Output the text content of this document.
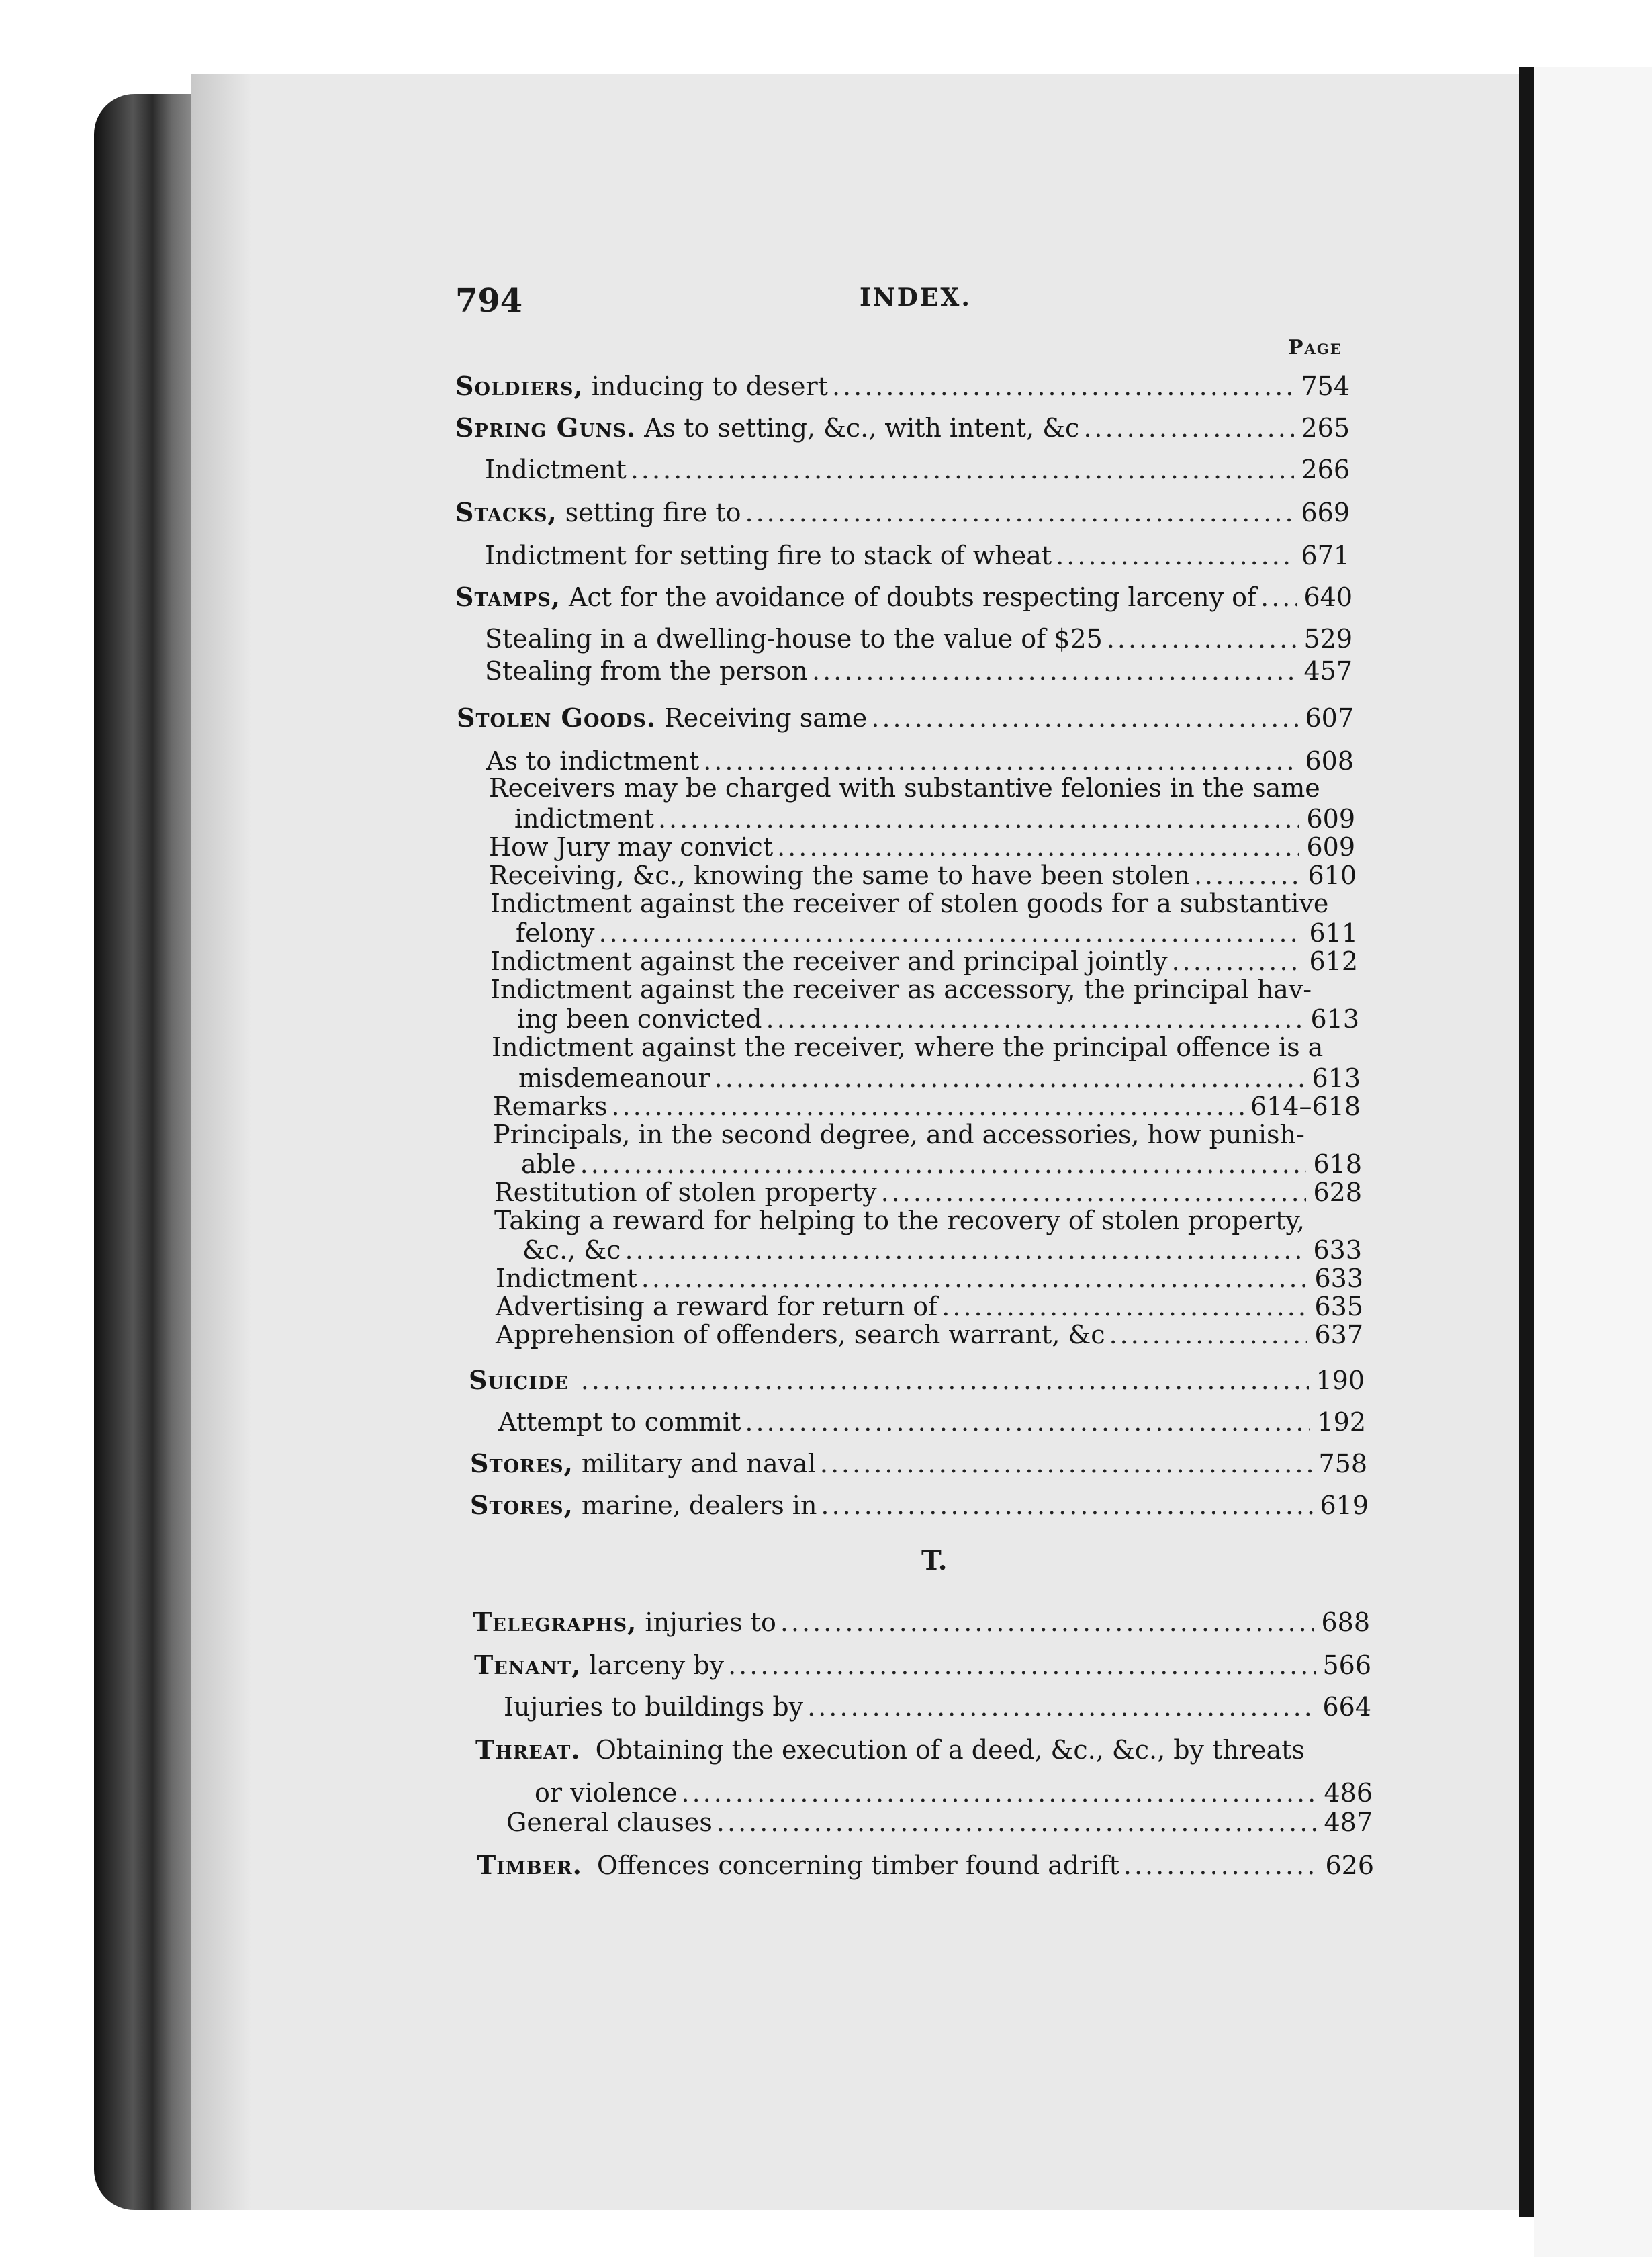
794	INDEX.
Page
Soldiers, inducing to desert .....	754
Spring Guns. As to setting, &c., with intent, &c .....	265
Indictment .....	266
Stacks, setting fire to .....	669
Indictment for setting fire to stack of wheat .....	671
Stamps, Act for the avoidance of doubts respecting larceny of ..... 640
Stealing in a dwelling-house to the value of $25 .....	529
Stealing from the person .....	457
Stolen Goods. Receiving same .....	607
As to indictment .....	608
Receivers may be charged with substantive felonies in the same
indictment .....	609
How Jury may convict .....	609
Receiving, &c., knowing the same to have been stolen .....	610
Indictment against the receiver of stolen goods for a substantive
felony .....	611
Indictment against the receiver and principal jointly .....	612
Indictment against the receiver as accessory, the principal hav-
ing been convicted .....	613
Indictment against the receiver, where the principal offence is a
misdemeanour .....	613
Remarks .....	614–618
Principals, in the second degree, and accessories, how punish-
able .....	618
Restitution of stolen property .....	628
Taking a reward for helping to the recovery of stolen property,
&c., &c .....	633
Indictment .....	633
Advertising a reward for return of .....	635
Apprehension of offenders, search warrant, &c .....	637
Suicide .....	190
Attempt to commit .....	192
Stores, military and naval .....	758
Stores, marine, dealers in .....	619
T.
Telegraphs, injuries to .....	688
Tenant, larceny by .....	566
Iujuries to buildings by .....	664
Threat. Obtaining the execution of a deed, &c., &c., by threats
or violence .....	486
General clauses .....	487
Timber. Offences concerning timber found adrift .....	626
